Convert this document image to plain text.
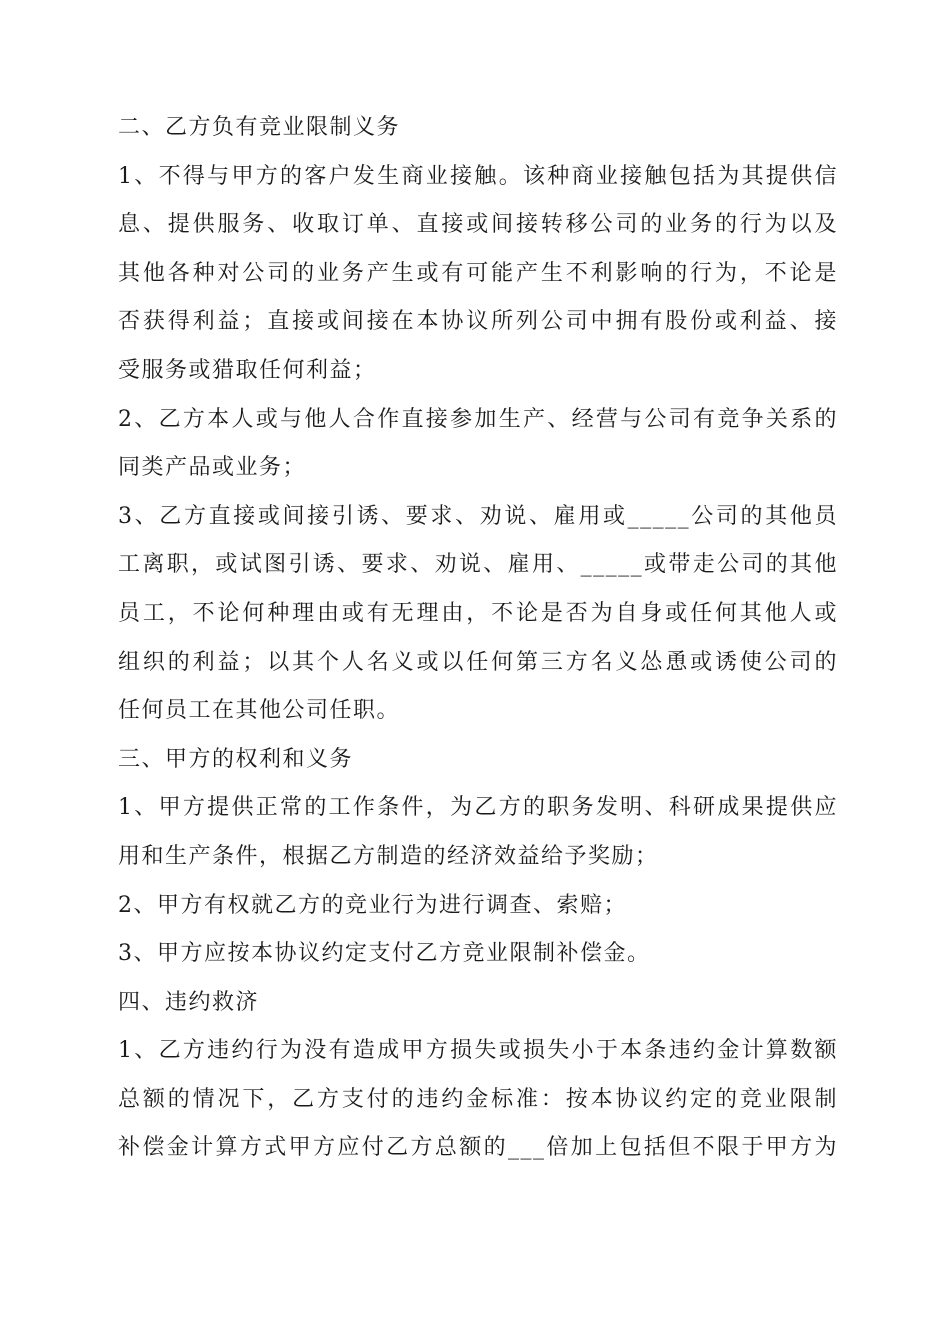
二、乙方负有竞业限制义务
1、不得与甲方的客户发生商业接触。该种商业接触包括为其提供信
息、提供服务、收取订单、直接或间接转移公司的业务的行为以及
其他各种对公司的业务产生或有可能产生不利影响的行为，不论是
否获得利益；直接或间接在本协议所列公司中拥有股份或利益、接
受服务或猎取任何利益；
2、乙方本人或与他人合作直接参加生产、经营与公司有竞争关系的
同类产品或业务；
3、乙方直接或间接引诱、要求、劝说、雇用或_____公司的其他员
工离职，或试图引诱、要求、劝说、雇用、_____或带走公司的其他
员工，不论何种理由或有无理由，不论是否为自身或任何其他人或
组织的利益；以其个人名义或以任何第三方名义怂恿或诱使公司的
任何员工在其他公司任职。
三、甲方的权利和义务
1、甲方提供正常的工作条件，为乙方的职务发明、科研成果提供应
用和生产条件，根据乙方制造的经济效益给予奖励；
2、甲方有权就乙方的竞业行为进行调查、索赔；
3、甲方应按本协议约定支付乙方竞业限制补偿金。
四、违约救济
1、乙方违约行为没有造成甲方损失或损失小于本条违约金计算数额
总额的情况下，乙方支付的违约金标准：按本协议约定的竞业限制
补偿金计算方式甲方应付乙方总额的___倍加上包括但不限于甲方为
